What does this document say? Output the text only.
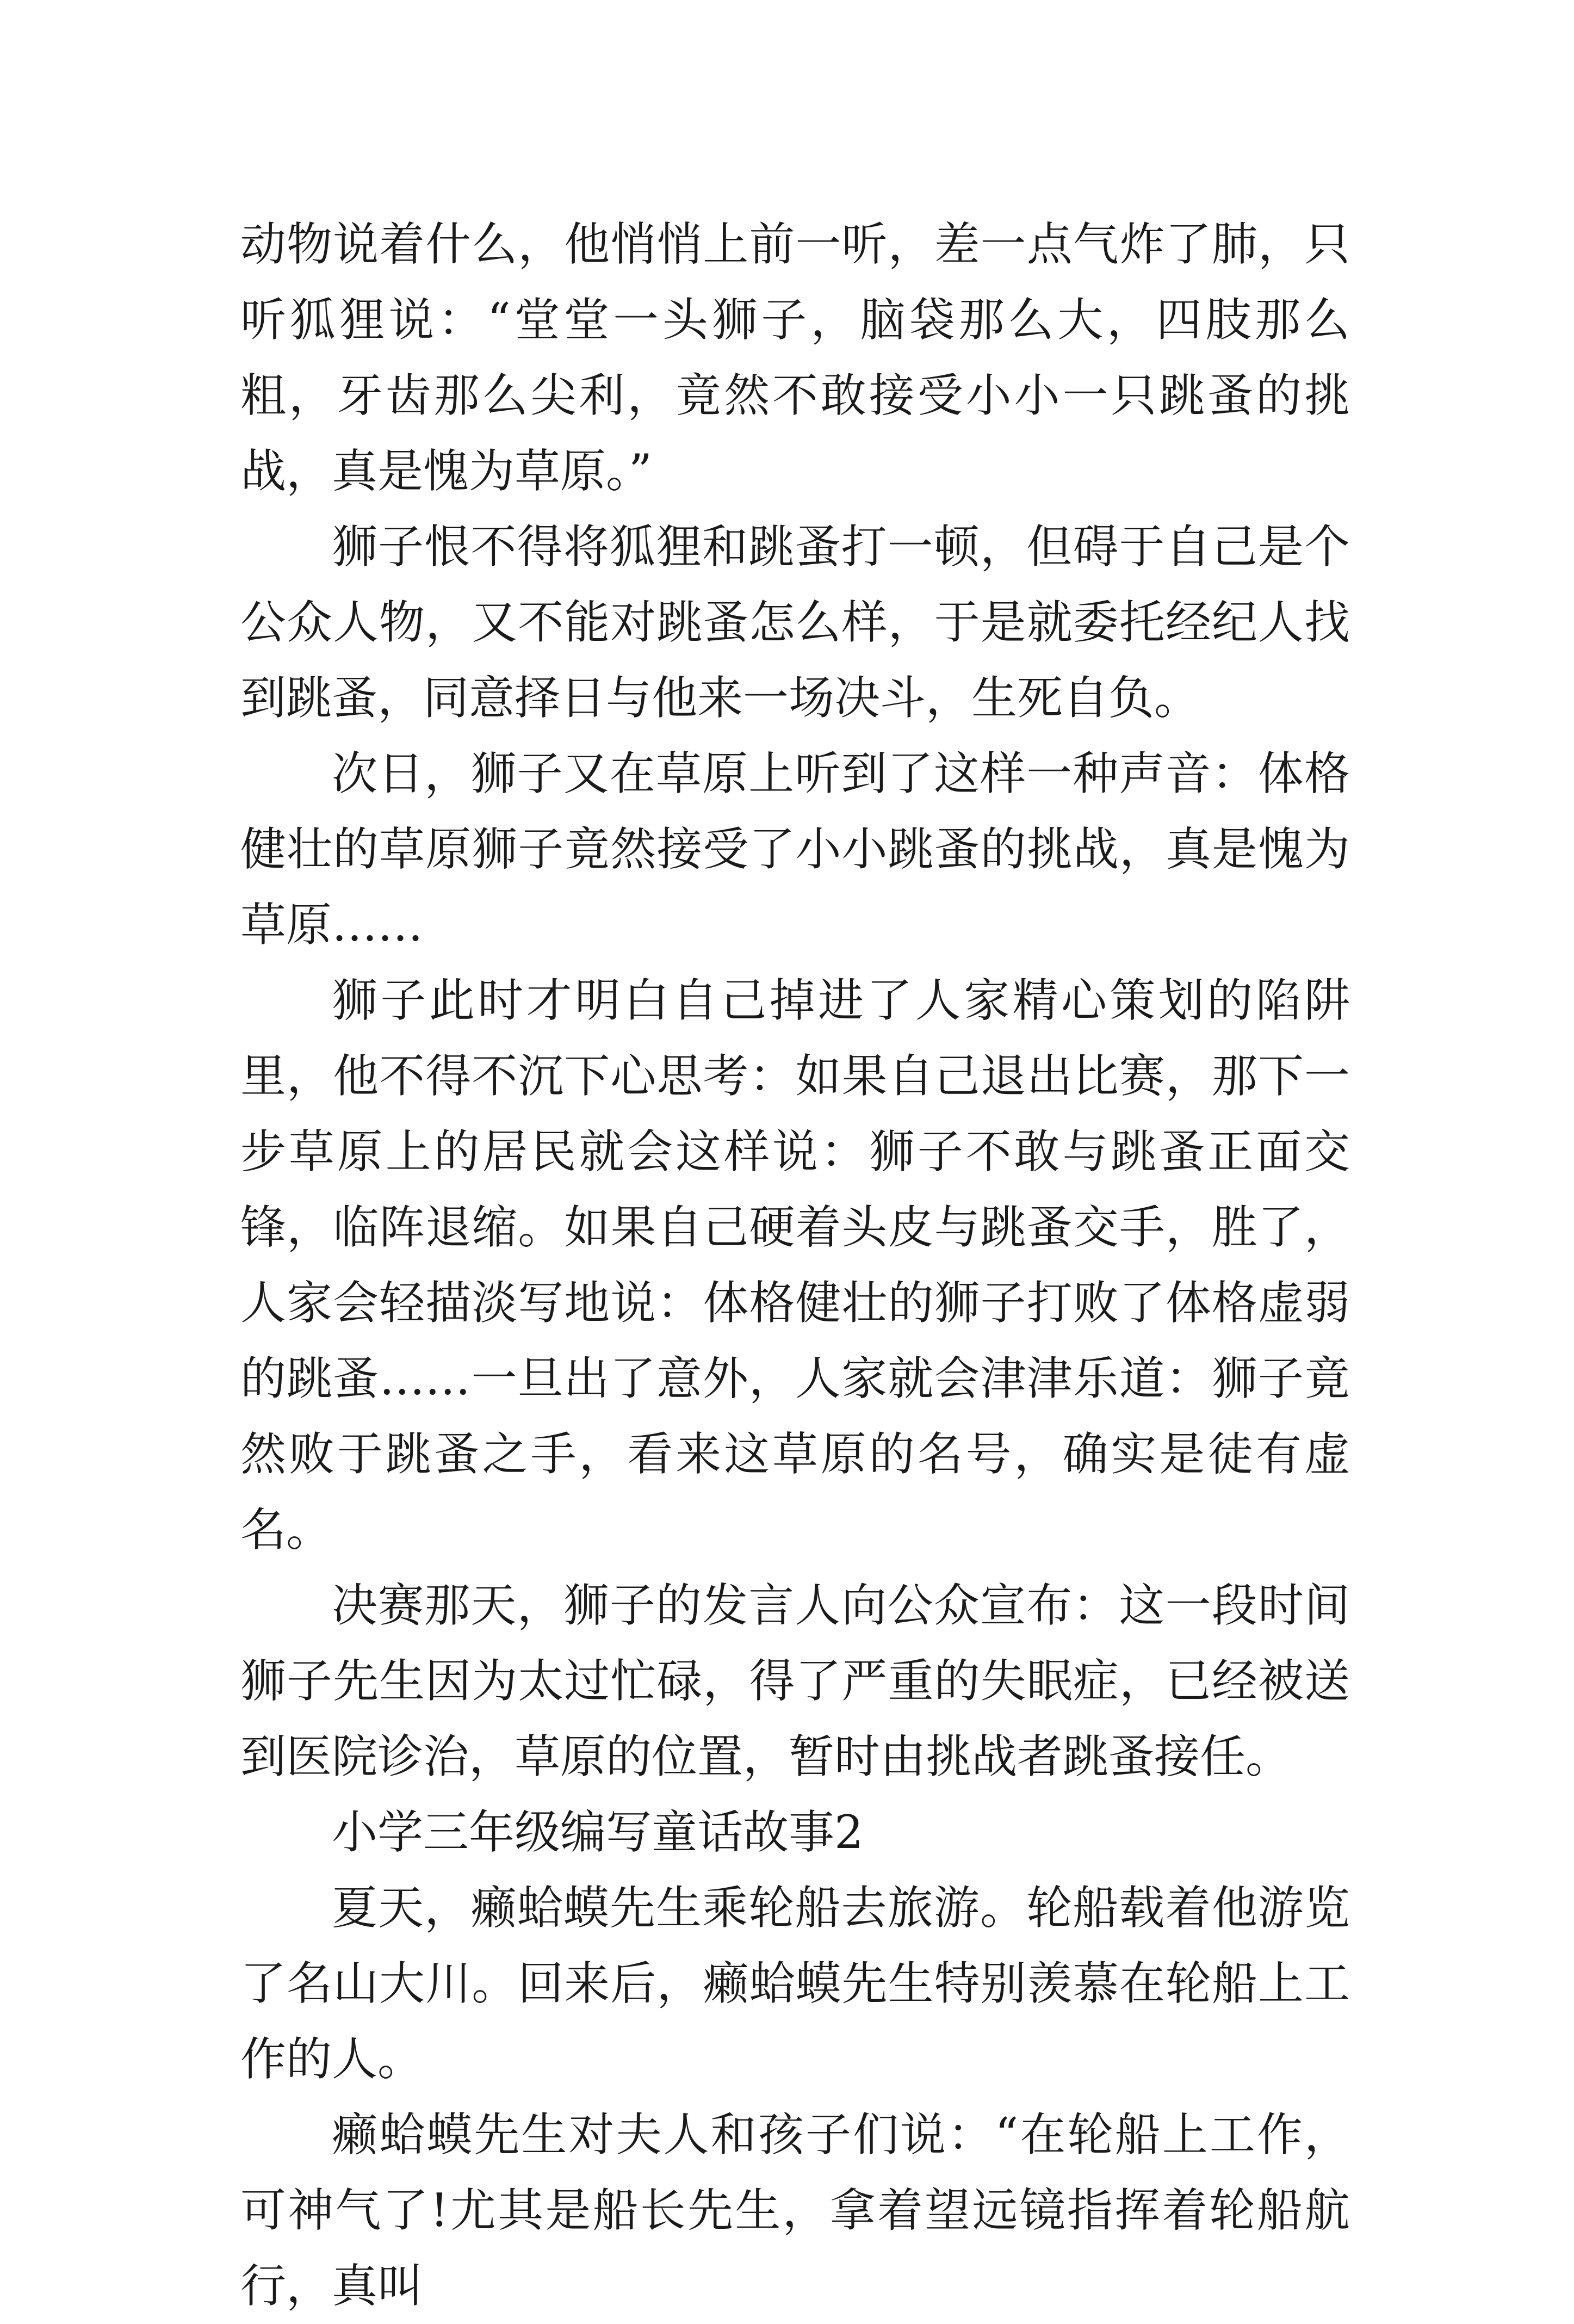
动物说着什么，他悄悄上前一听，差一点气炸了肺，只听狐狸说：“堂堂一头狮子，脑袋那么大，四肢那么粗，牙齿那么尖利，竟然不敢接受小小一只跳蚤的挑战，真是愧为草原。”

狮子恨不得将狐狸和跳蚤打一顿，但碍于自己是个公众人物，又不能对跳蚤怎么样，于是就委托经纪人找到跳蚤，同意择日与他来一场决斗，生死自负。

次日，狮子又在草原上听到了这样一种声音：体格健壮的草原狮子竟然接受了小小跳蚤的挑战，真是愧为草原……

狮子此时才明白自己掉进了人家精心策划的陷阱里，他不得不沉下心思考：如果自己退出比赛，那下一步草原上的居民就会这样说：狮子不敢与跳蚤正面交锋，临阵退缩。如果自己硬着头皮与跳蚤交手，胜了，人家会轻描淡写地说：体格健壮的狮子打败了体格虚弱的跳蚤……一旦出了意外，人家就会津津乐道：狮子竟然败于跳蚤之手，看来这草原的名号，确实是徒有虚名。

决赛那天，狮子的发言人向公众宣布：这一段时间狮子先生因为太过忙碌，得了严重的失眠症，已经被送到医院诊治，草原的位置，暂时由挑战者跳蚤接任。

小学三年级编写童话故事2

夏天，癞蛤蟆先生乘轮船去旅游。轮船载着他游览了名山大川。回来后，癞蛤蟆先生特别羡慕在轮船上工作的人。

癞蛤蟆先生对夫人和孩子们说：“在轮船上工作，可神气了!尤其是船长先生，拿着望远镜指挥着轮船航行，真叫
